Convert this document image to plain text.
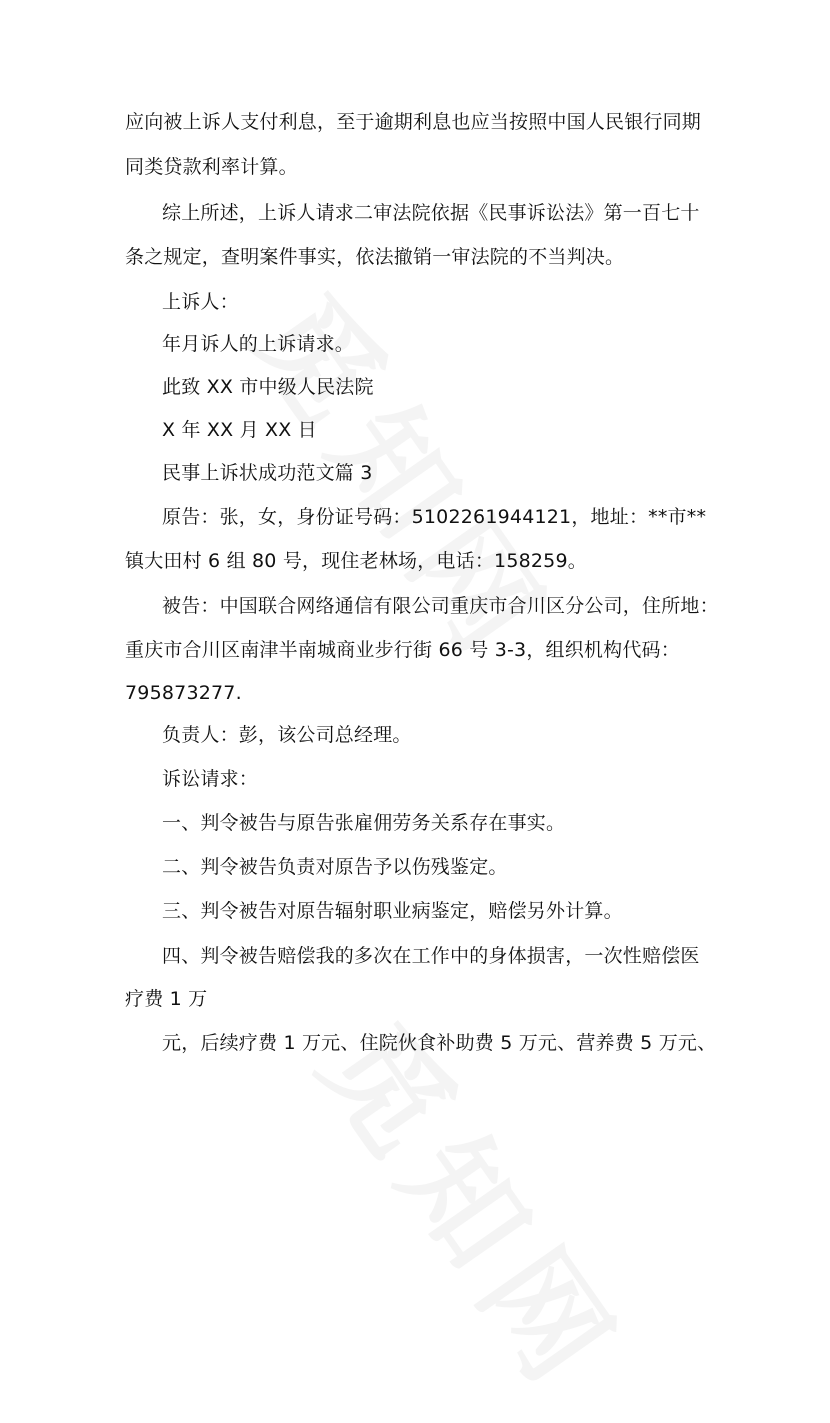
应向被上诉人支付利息，至于逾期利息也应当按照中国人民银行同期
同类贷款利率计算。
综上所述，上诉人请求二审法院依据《民事诉讼法》第一百七十
条之规定，查明案件事实，依法撤销一审法院的不当判决。
上诉人：
年月诉人的上诉请求。
此致 XX 市中级人民法院
X 年 XX 月 XX 日
民事上诉状成功范文篇 3
原告：张，女，身份证号码：5102261944121，地址：**市**
镇大田村 6 组 80 号，现住老林场，电话：158259。
被告：中国联合网络通信有限公司重庆市合川区分公司，住所地：
重庆市合川区南津半南城商业步行街 66 号 3-3，组织机构代码：
795873277.
负责人：彭，该公司总经理。
诉讼请求：
一、判令被告与原告张雇佣劳务关系存在事实。
二、判令被告负责对原告予以伤残鉴定。
三、判令被告对原告辐射职业病鉴定，赔偿另外计算。
四、判令被告赔偿我的多次在工作中的身体损害，一次性赔偿医
疗费 1 万
元，后续疗费 1 万元、住院伙食补助费 5 万元、营养费 5 万元、
